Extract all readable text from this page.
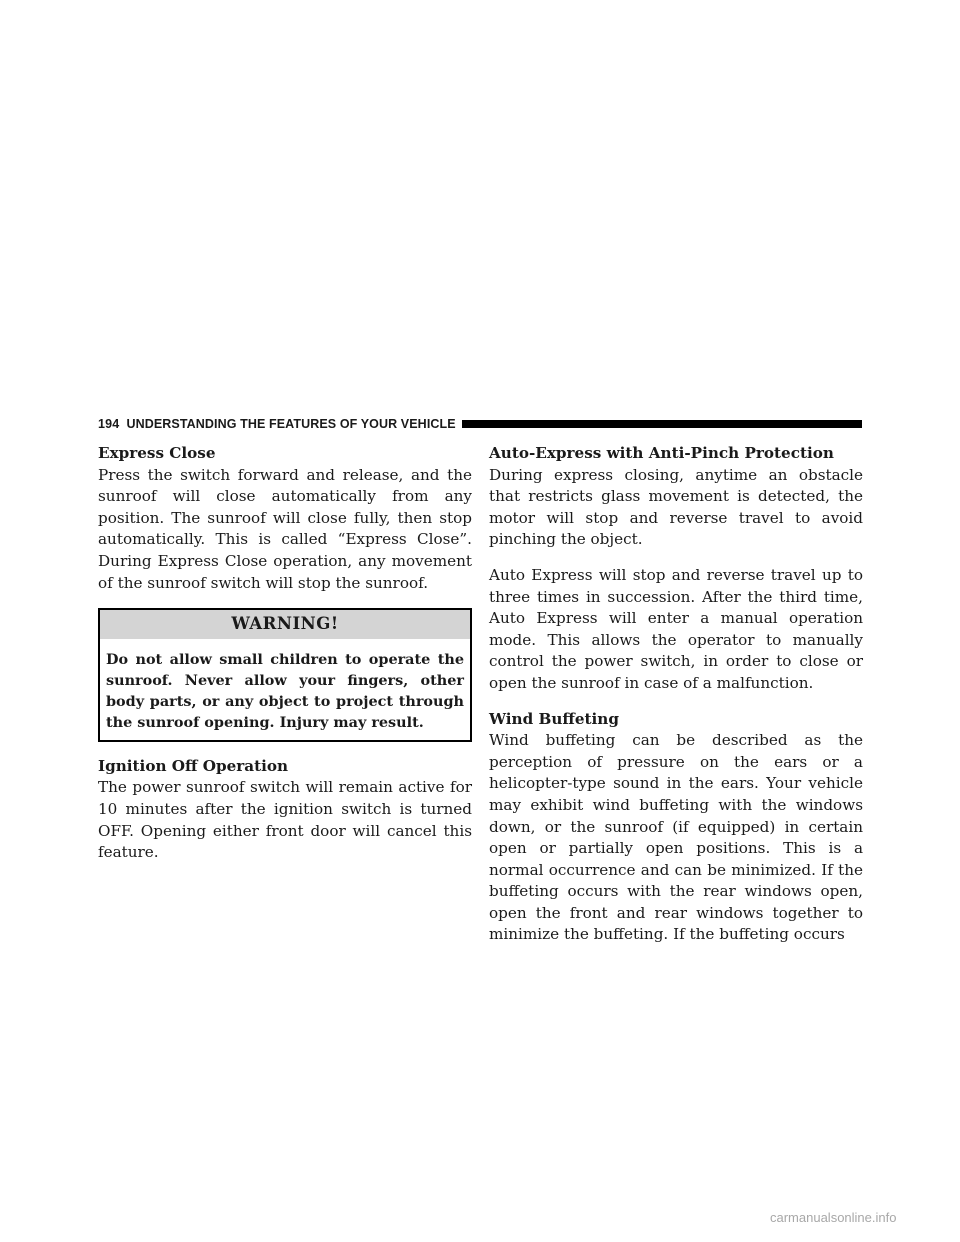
194 UNDERSTANDING THE FEATURES OF YOUR VEHICLE
Express Close

Press the switch forward and release, and the sunroof will close automatically from any position. The sunroof will close fully, then stop automatically. This is called “Express Close”. During Express Close operation, any movement of the sunroof switch will stop the sunroof.

WARNING!
Do not allow small children to operate the sunroof. Never allow your fingers, other body parts, or any object to project through the sunroof opening. Injury may result.
Ignition Off Operation

The power sunroof switch will remain active for 10 minutes after the ignition switch is turned OFF. Opening either front door will cancel this feature.

Auto-Express with Anti-Pinch Protection

During express closing, anytime an obstacle that restricts glass movement is detected, the motor will stop and reverse travel to avoid pinching the object.

Auto Express will stop and reverse travel up to three times in succession. After the third time, Auto Express will enter a manual operation mode. This allows the operator to manually control the power switch, in order to close or open the sunroof in case of a malfunction.

Wind Buffeting

Wind buffeting can be described as the perception of pressure on the ears or a helicopter-type sound in the ears. Your vehicle may exhibit wind buffeting with the windows down, or the sunroof (if equipped) in certain open or partially open positions. This is a normal occurrence and can be minimized. If the buffeting occurs with the rear windows open, open the front and rear windows together to minimize the buffeting. If the buffeting occurs

carmanualsonline.info
